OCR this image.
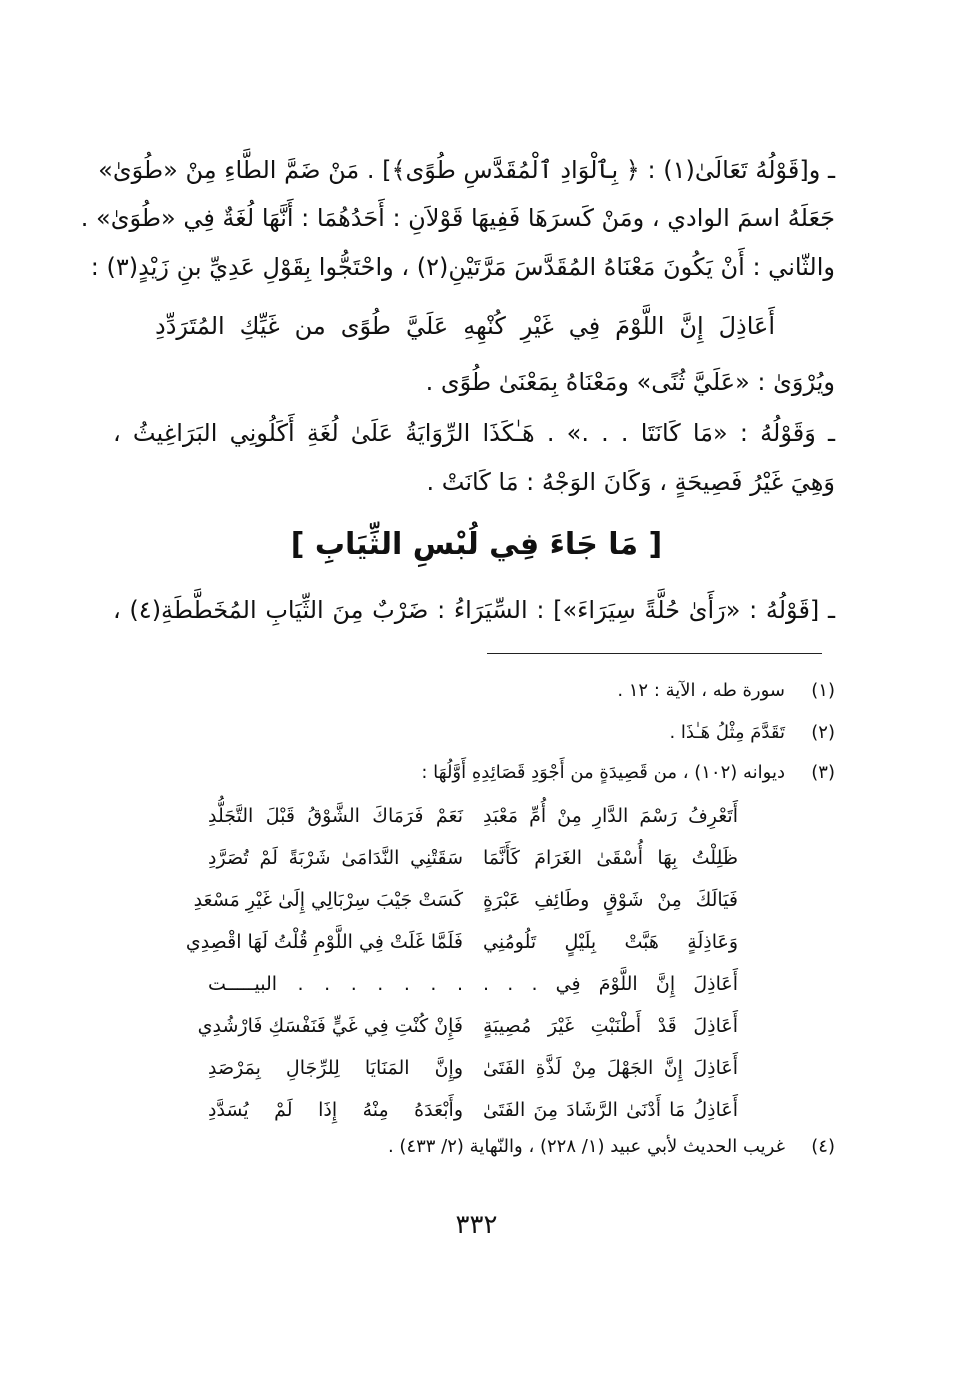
ـ و[قَوْلُهُ تَعَالَىٰ(١) : ﴿ بِٱلْوَادِ ٱلْمُقَدَّسِ طُوًى﴾] . مَنْ ضَمَّ الطَّاءِ مِنْ «طُوَىٰ»
جَعَلَهُ اسمَ الوادي ، ومَنْ كَسرَهَا فَفِيهَا قَوْلاَنِ : أَحَدُهُمَا : أَنَّهَا لُغَةٌ فِي «طُوَىٰ» .
والثّاني : أَنْ يَكُونَ مَعْنَاهُ المُقَدَّسَ مَرَّتَيْنِ(٢) ، واحْتَجُّوا بِقَوْلِ عَدِيِّ بنِ زَيْدٍ(٣) :
أَعَاذِلَ إِنَّ اللَّوْمَ فِي غَيْرِ كُنْهِهِ عَلَيَّ طُوًى من غَيِّكِ المُتَرَدِّدِ
ويُرْوَىٰ : «عَلَيَّ ثُنًى» ومَعْنَاهُ بِمَعْنَىٰ طُوًى .
ـ وَقَوْلُهُ : «مَا كَانَتَا . . .» . هَـٰكَذَا الرِّوَايَةُ عَلَىٰ لُغَةِ أَكَلُونِي البَرَاغِيثُ ،
وَهِيَ غَيْرُ فَصِيحَةٍ ، وَكَانَ الوَجْهُ : مَا كَانَتْ .
[ مَا جَاءَ فِي لُبْسِ الثِّيَابِ ]
ـ [قَوْلُهُ : «رَأَىٰ حُلَّةً سِيَرَاءَ»] : السِّيَرَاءُ : ضَرْبٌ مِنَ الثِّيَابِ المُخَطَّطَةِ(٤) ،
(١)سورة طه ، الآية : ١٢ .
(٢)تَقَدَّمَ مِثْلُ هَـٰذَا .
(٣)ديوانه (١٠٢) ، من قَصِيدَةٍ من أَجْوَدِ قَصَائِدِهِ أَوَّلُهَا :
أَتَعْرِفُ رَسْمَ الدَّارِ مِنْ أُمِّ مَعْبَدِ
نَعَمْ فَرَمَاكَ الشَّوْقُ قَبْلَ التَّجَلُّدِ
ظَلِلْتُ بِهَا أُسْقَىٰ الغَرَامَ كَأَنَّمَا
سَقَتْنِي النَّدَامَىٰ شَرْبَةً لَمْ تُصَرَّدِ
فَيَالَكَ مِنْ شَوْقٍ وطَائِفِ عَبْرَةٍ
كَسَتْ جَيْبَ سِرْبَالِي إِلَىٰ غَيْرِ مَسْعَدِ
وَعَاذِلَةٍ هَبَّتْ بِلَيْلٍ تَلُومُنِي
فَلَمَّا غَلَتْ فِي اللَّوْمِ قُلْتُ لَهَا اقْصِدِي
أَعَاذِلَ إِنَّ اللَّوْمَ فِي . . .
. . . . . . . البيـــــت
أَعَاذِلَ قَدْ أَطْنَبْتِ غَيْرَ مُصِيبَةٍ
فَإِنْ كُنْتِ فِي غَيٍّ فَنَفْسَكِ فَارْشُدِي
أَعَاذِلَ إِنَّ الجَهْلَ مِنْ لَذَّةِ الفَتَىٰ
وإِنَّ المَنَايَا لِلرِّجَالِ بِمَرْصَدِ
أَعَاذِلُ مَا أَدْنَىٰ الرَّشَادَ مِنَ الفَتَىٰ
وأَبْعَدَهُ مِنْهُ إِذَا لَمْ يُسَدَّدِ
(٤)غريب الحديث لأبي عبيد (١/ ٢٢٨) ، والنّهاية (٢/ ٤٣٣) .
٣٣٢
